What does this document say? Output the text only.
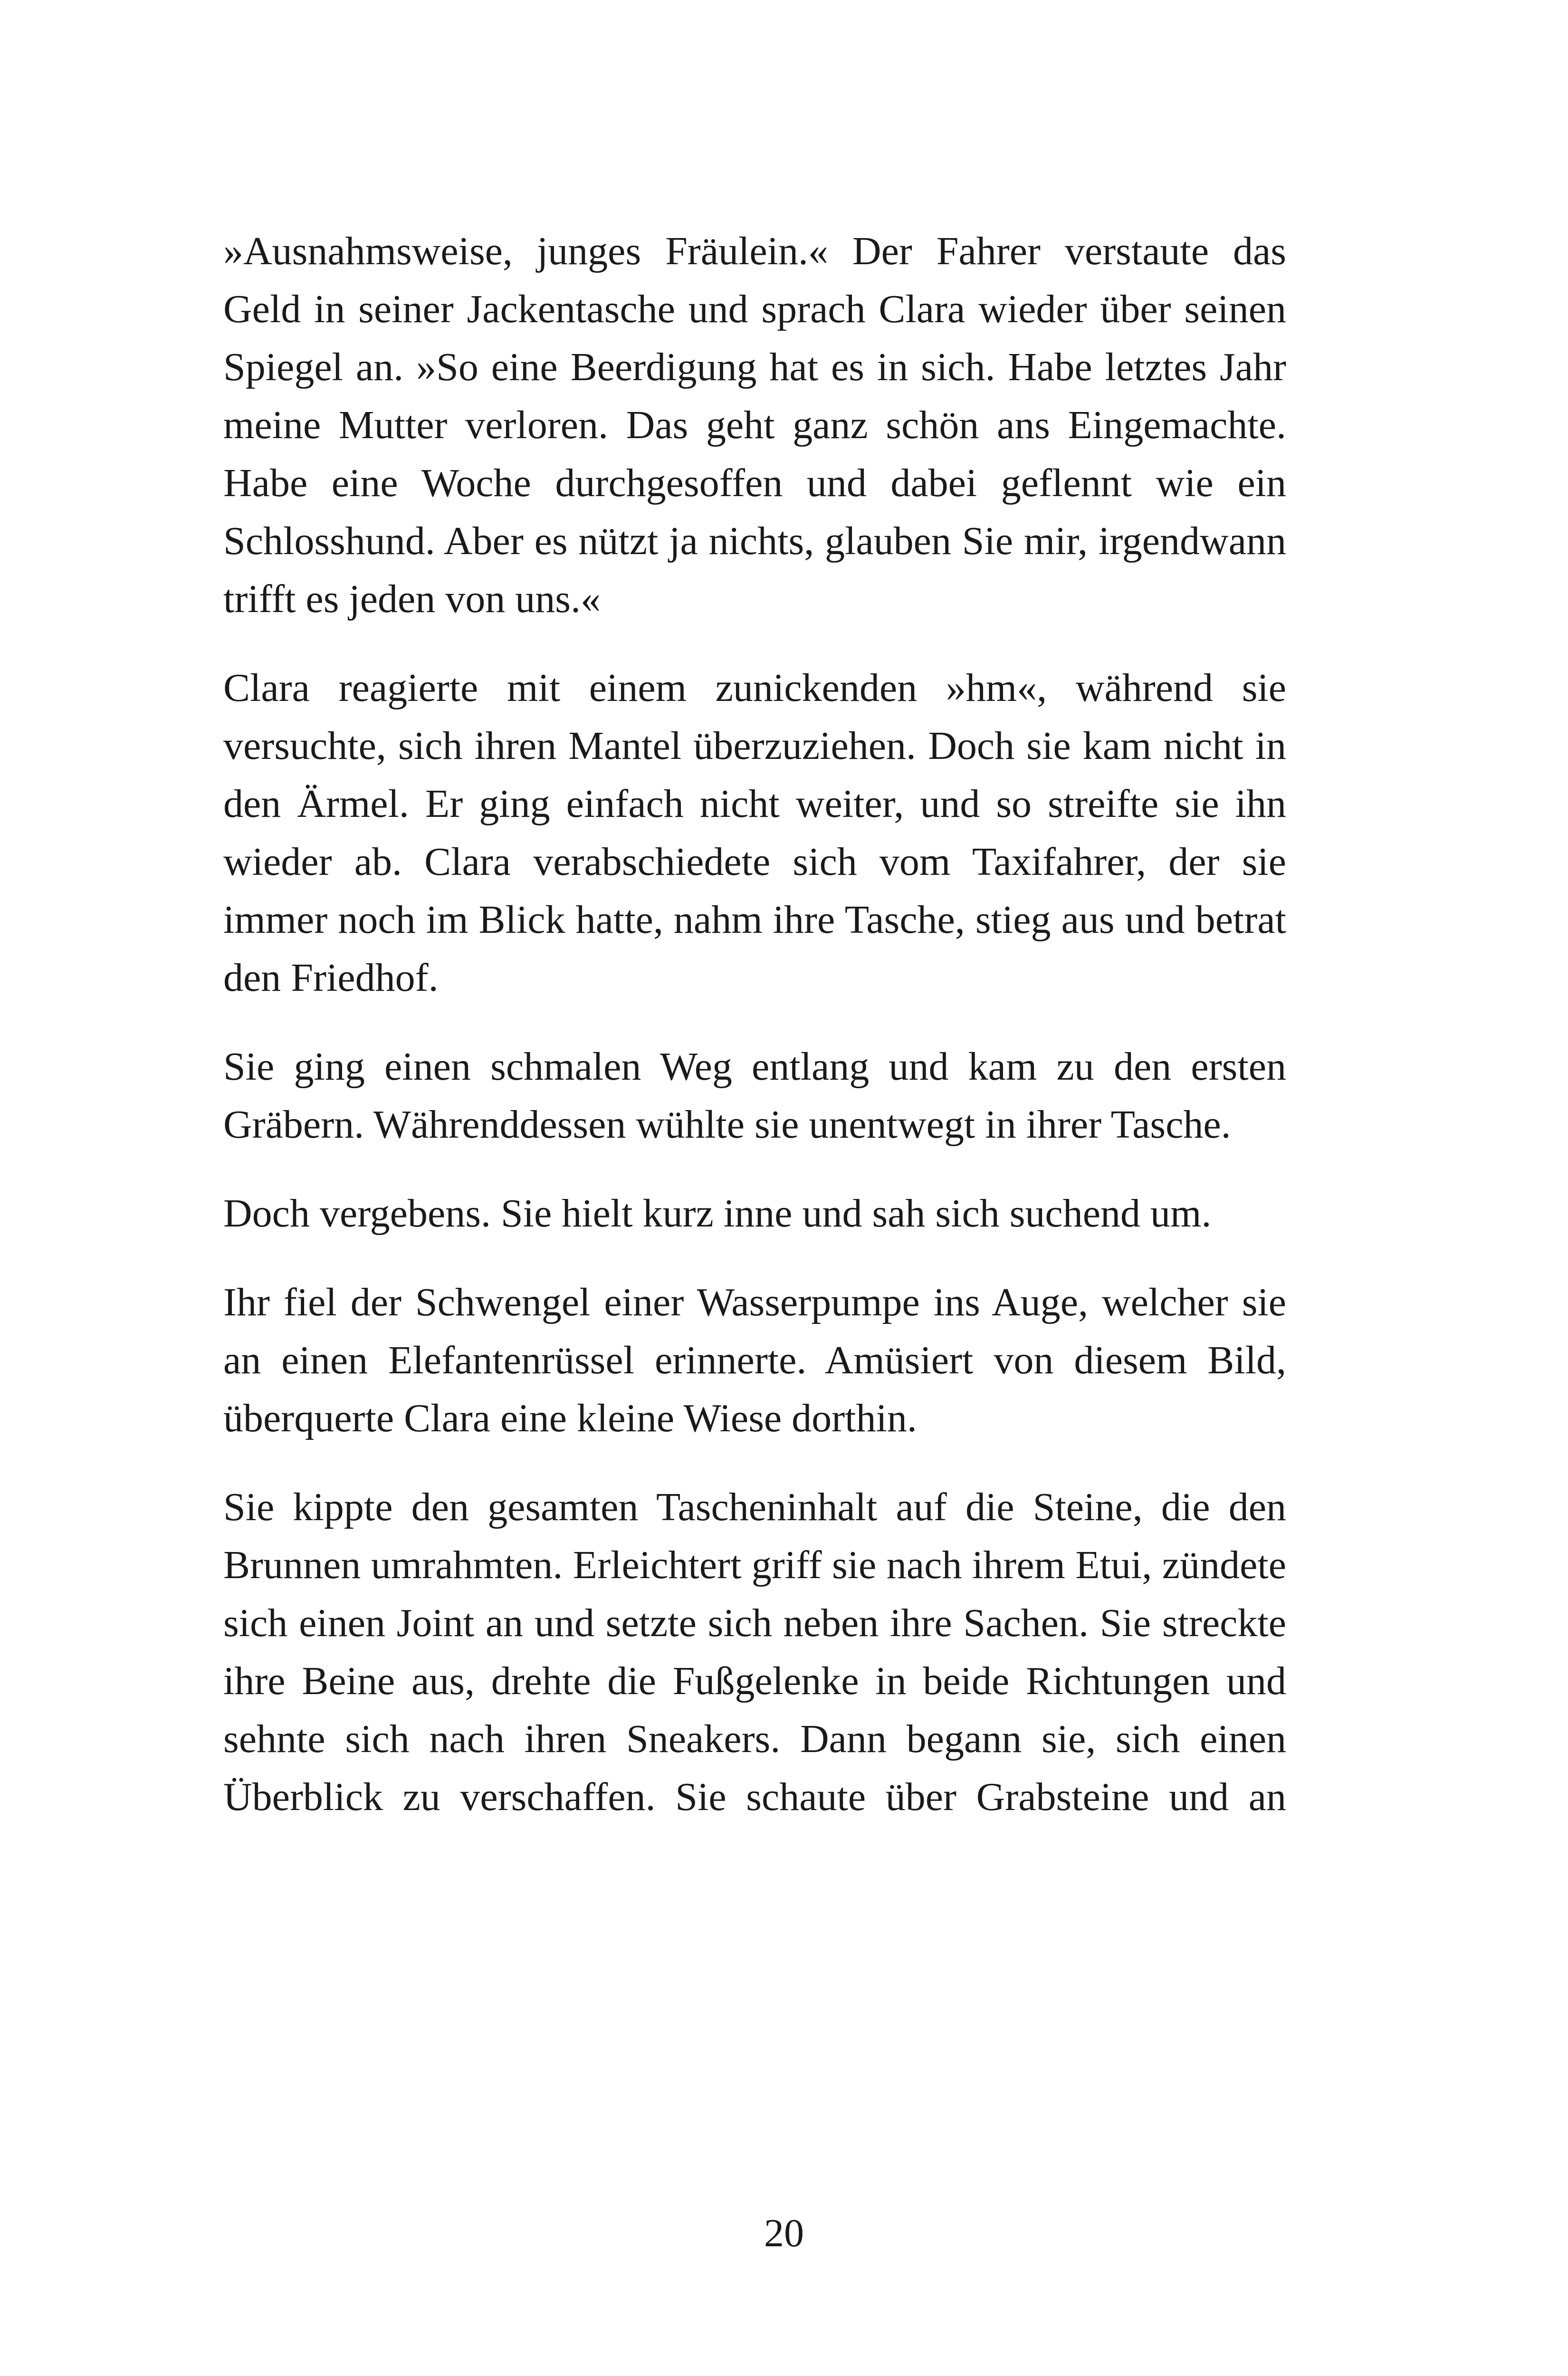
»Ausnahmsweise, junges Fräulein.« Der Fahrer verstaute das Geld in seiner Jackentasche und sprach Clara wieder über seinen Spiegel an. »So eine Beerdigung hat es in sich. Habe letztes Jahr meine Mutter verloren. Das geht ganz schön ans Eingemachte. Habe eine Woche durchgesoffen und dabei geflennt wie ein Schlosshund. Aber es nützt ja nichts, glauben Sie mir, irgendwann trifft es jeden von uns.«

Clara reagierte mit einem zunickenden »hm«, während sie versuchte, sich ihren Mantel überzuziehen. Doch sie kam nicht in den Ärmel. Er ging einfach nicht weiter, und so streifte sie ihn wieder ab. Clara verabschiedete sich vom Taxifahrer, der sie immer noch im Blick hatte, nahm ihre Tasche, stieg aus und betrat den Friedhof.

Sie ging einen schmalen Weg entlang und kam zu den ersten Gräbern. Währenddessen wühlte sie unentwegt in ihrer Tasche.

Doch vergebens. Sie hielt kurz inne und sah sich suchend um.

Ihr fiel der Schwengel einer Wasserpumpe ins Auge, welcher sie an einen Elefantenrüssel erinnerte. Amüsiert von diesem Bild, überquerte Clara eine kleine Wiese dorthin.

Sie kippte den gesamten Tascheninhalt auf die Steine, die den Brunnen umrahmten. Erleichtert griff sie nach ihrem Etui, zündete sich einen Joint an und setzte sich neben ihre Sachen. Sie streckte ihre Beine aus, drehte die Fußgelenke in beide Richtungen und sehnte sich nach ihren Sneakers. Dann begann sie, sich einen Überblick zu verschaffen. Sie schaute über Grabsteine und an

20
